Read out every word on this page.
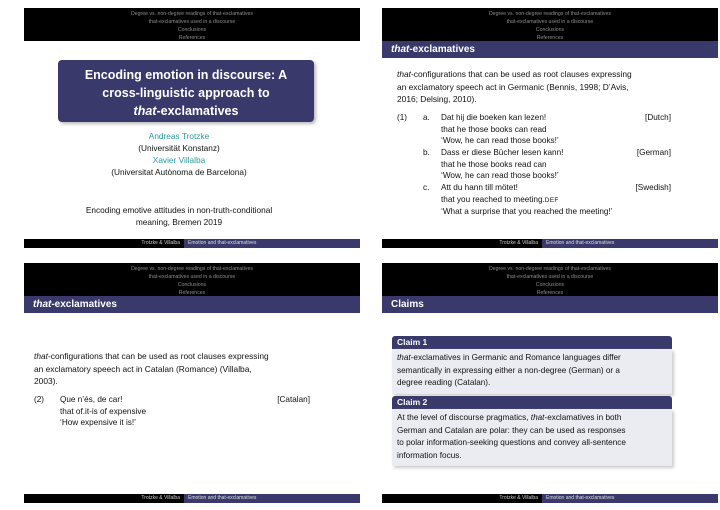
Degree vs. non-degree readings of that-exclamatives
that-exclamatives used in a discourse
Conclusions
References
Encoding emotion in discourse: A
cross-linguistic approach to
that-exclamatives
Andreas Trotzke
(Universität Konstanz)
Xavier Villalba
(Universitat Autònoma de Barcelona)
Encoding emotive attitudes in non-truth-conditional
meaning, Bremen 2019
Trotzke & Villalba	Emotion and that-exclamatives
Degree vs. non-degree readings of that-exclamatives
that-exclamatives used in a discourse
Conclusions
References
that-exclamatives
that-configurations that can be used as root clauses expressing
an exclamatory speech act in Germanic (Bennis, 1998; D’Avis,
2016; Delsing, 2010).
(1) a. Dat hij die boeken kan lezen!	[Dutch]
that he those books can read
‘Wow, he can read those books!’
b. Dass er diese Bücher lesen kann!	[German]
that he those books read can
‘Wow, he can read those books!’
c. Att du hann till mötet!	[Swedish]
that you reached to meeting.DEF
‘What a surprise that you reached the meeting!’
Trotzke & Villalba	Emotion and that-exclamatives
Degree vs. non-degree readings of that-exclamatives
that-exclamatives used in a discourse
Conclusions
References
that-exclamatives
that-configurations that can be used as root clauses expressing
an exclamatory speech act in Catalan (Romance) (Villalba,
2003).
(2) Que n’és, de car!	[Catalan]
that of.it-is of expensive
‘How expensive it is!’
Trotzke & Villalba	Emotion and that-exclamatives
Degree vs. non-degree readings of that-exclamatives
that-exclamatives used in a discourse
Conclusions
References
Claims
Claim 1
that-exclamatives in Germanic and Romance languages differ
semantically in expressing either a non-degree (German) or a
degree reading (Catalan).
Claim 2
At the level of discourse pragmatics, that-exclamatives in both
German and Catalan are polar: they can be used as responses
to polar information-seeking questions and convey all-sentence
information focus.
Trotzke & Villalba	Emotion and that-exclamatives
